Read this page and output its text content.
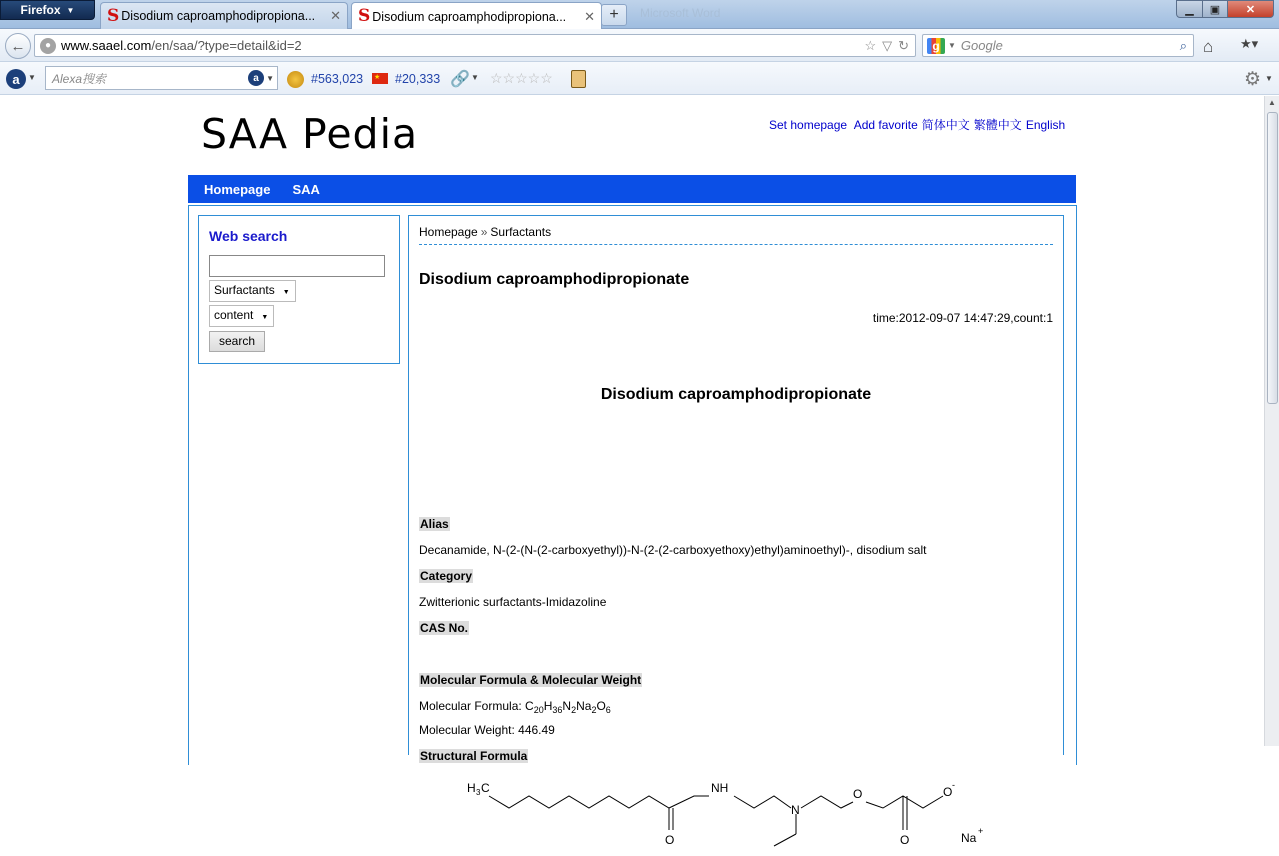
Firefox ▼ S Disodium caproamphodipropiona...	✕ S Disodium caproamphodipropiona...	✕ +	Microsoft Word	▁	▣	✕
←	● www.saael.com/en/saa/?type=detail&id=2	☆ ▽ ↻	g	▼ Google	⌕ ⌂ ★▾
a	▼ Alexa搜索	a ▼	#563,023 ★	#20,333 🔗 ▼ ☆☆☆☆☆	⚙ ▼
SAA Pedia	Set homepage Add favorite 简体中文 繁體中文 English
Homepage SAA
Web search
Surfactants ▼
content ▼
search
Homepage » Surfactants
Disodium caproamphodipropionate
time:2012-09-07 14:47:29,count:1
Disodium caproamphodipropionate
Alias
Decanamide, N-(2-(N-(2-carboxyethyl))-N-(2-(2-carboxyethoxy)ethyl)aminoethyl)-, disodium salt
Category
Zwitterionic surfactants-Imidazoline
CAS No.
Molecular Formula & Molecular Weight
Molecular Formula: $C_{20}H_{36}N_2Na_2O_6$
Molecular Weight: 446.49
Structural Formula
H 3 C	NH
N
O
O	O
O -
Na +
▲
